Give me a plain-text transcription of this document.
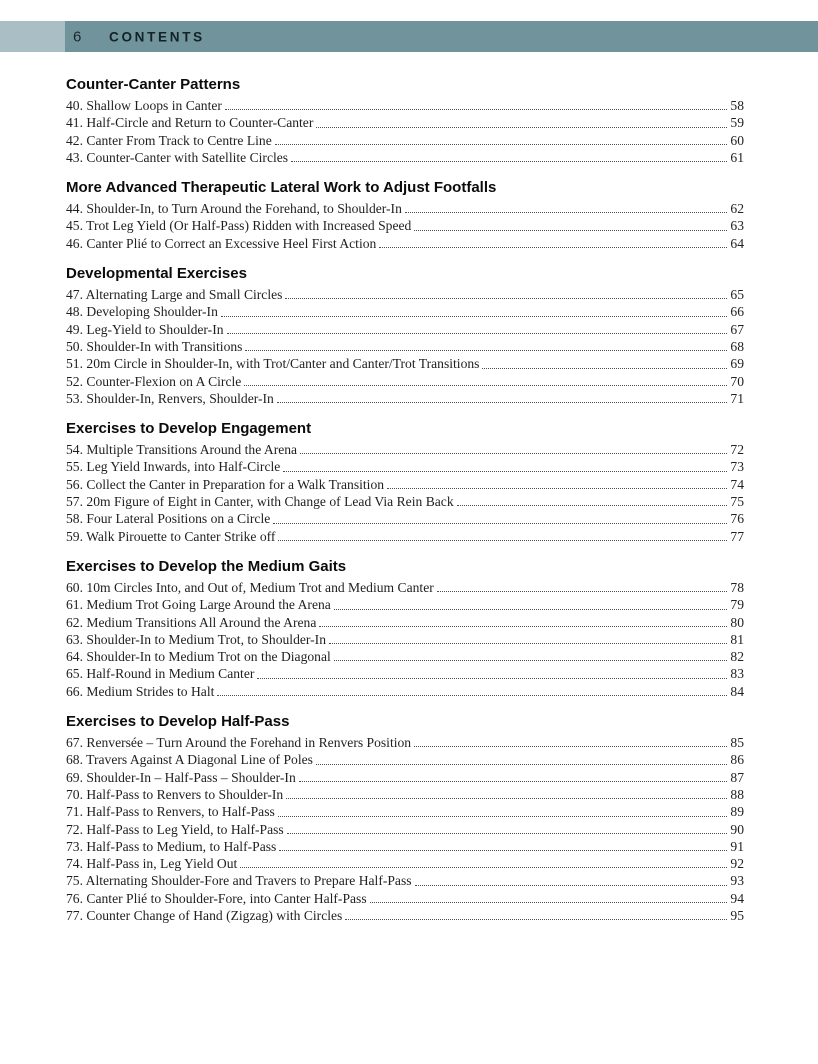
6 CONTENTS
Counter-Canter Patterns
40. Shallow Loops in Canter	58
41. Half-Circle and Return to Counter-Canter	59
42. Canter From Track to Centre Line	60
43. Counter-Canter with Satellite Circles	61
More Advanced Therapeutic Lateral Work to Adjust Footfalls
44. Shoulder-In, to Turn Around the Forehand, to Shoulder-In	62
45. Trot Leg Yield (Or Half-Pass) Ridden with Increased Speed	63
46. Canter Plié to Correct an Excessive Heel First Action	64
Developmental Exercises
47. Alternating Large and Small Circles	65
48. Developing Shoulder-In	66
49. Leg-Yield to Shoulder-In	67
50. Shoulder-In with Transitions	68
51. 20m Circle in Shoulder-In, with Trot/Canter and Canter/Trot Transitions	69
52. Counter-Flexion on A Circle	70
53. Shoulder-In, Renvers, Shoulder-In	71
Exercises to Develop Engagement
54. Multiple Transitions Around the Arena	72
55. Leg Yield Inwards, into Half-Circle	73
56. Collect the Canter in Preparation for a Walk Transition	74
57. 20m Figure of Eight in Canter, with Change of Lead Via Rein Back	75
58. Four Lateral Positions on a Circle	76
59. Walk Pirouette to Canter Strike off	77
Exercises to Develop the Medium Gaits
60. 10m Circles Into, and Out of, Medium Trot and Medium Canter	78
61. Medium Trot Going Large Around the Arena	79
62. Medium Transitions All Around the Arena	80
63. Shoulder-In to Medium Trot, to Shoulder-In	81
64. Shoulder-In to Medium Trot on the Diagonal	82
65. Half-Round in Medium Canter	83
66. Medium Strides to Halt	84
Exercises to Develop Half-Pass
67. Renversée – Turn Around the Forehand in Renvers Position	85
68. Travers Against A Diagonal Line of Poles	86
69. Shoulder-In – Half-Pass – Shoulder-In	87
70. Half-Pass to Renvers to Shoulder-In	88
71. Half-Pass to Renvers, to Half-Pass	89
72. Half-Pass to Leg Yield, to Half-Pass	90
73. Half-Pass to Medium, to Half-Pass	91
74. Half-Pass in, Leg Yield Out	92
75. Alternating Shoulder-Fore and Travers to Prepare Half-Pass	93
76. Canter Plié to Shoulder-Fore, into Canter Half-Pass	94
77. Counter Change of Hand (Zigzag) with Circles	95
